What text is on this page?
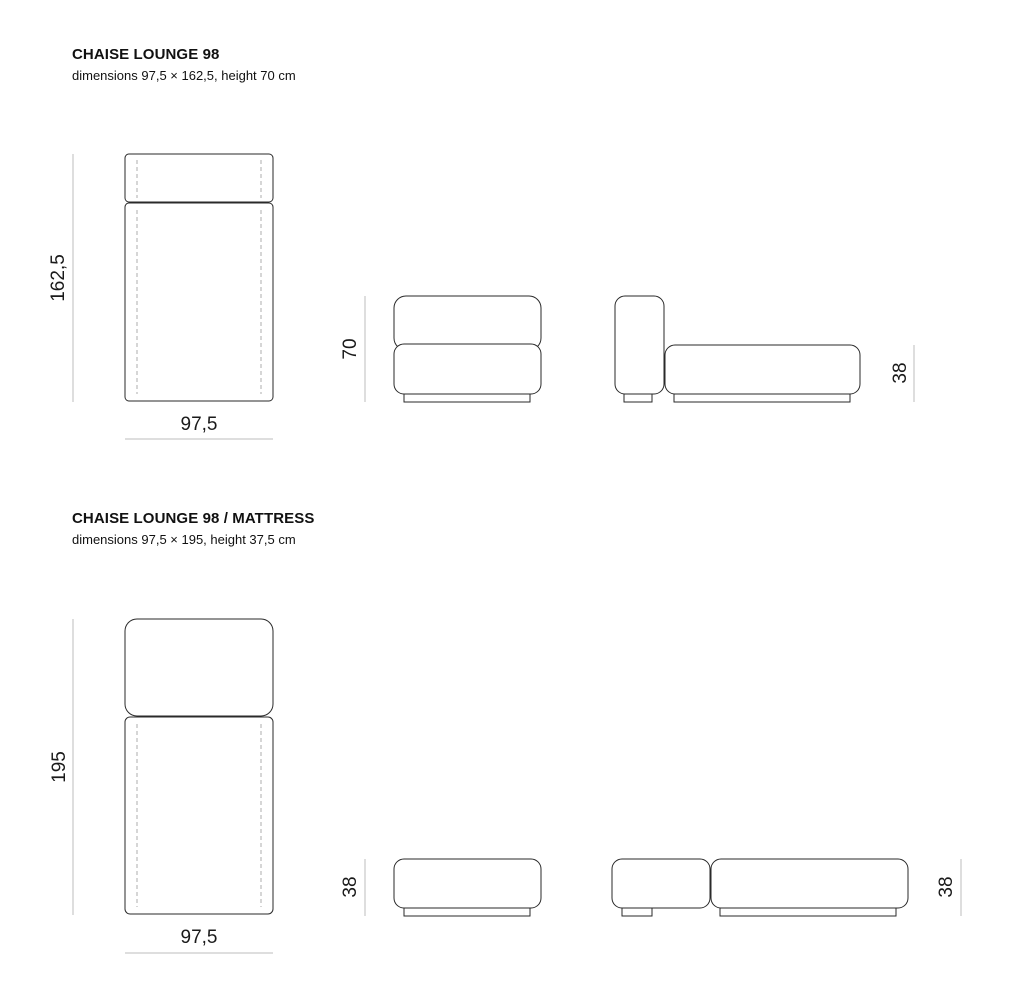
CHAISE LOUNGE 98
dimensions 97,5 × 162,5, height 70 cm
CHAISE LOUNGE 98 / MATTRESS
dimensions 97,5 × 195, height 37,5 cm
162,5
97,5
70
38
195
97,5
38	38
